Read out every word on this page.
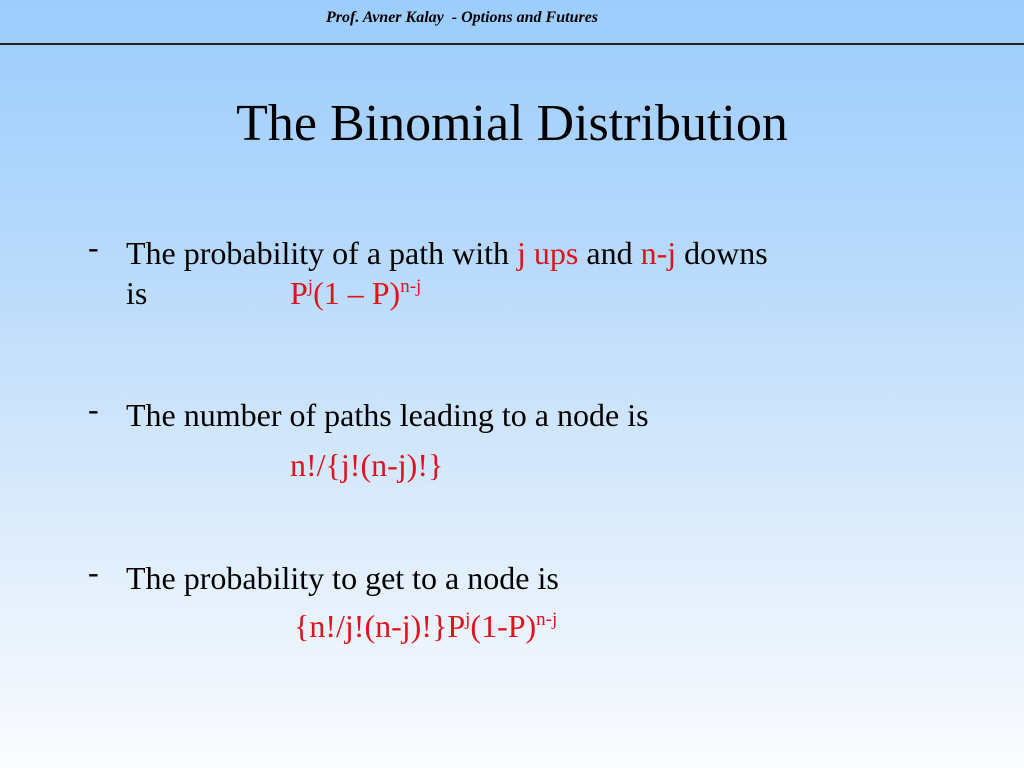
Prof. Avner Kalay  - Options and Futures
The Binomial Distribution
- The probability of a path with j ups and n-j downs
is	$P^j(1 - P)^{n-j}$
- The number of paths leading to a node is
n!/{j!(n-j)!}
- The probability to get to a node is
$\{n!/j!(n-j)!\}P^j(1-P)^{n-j}$
